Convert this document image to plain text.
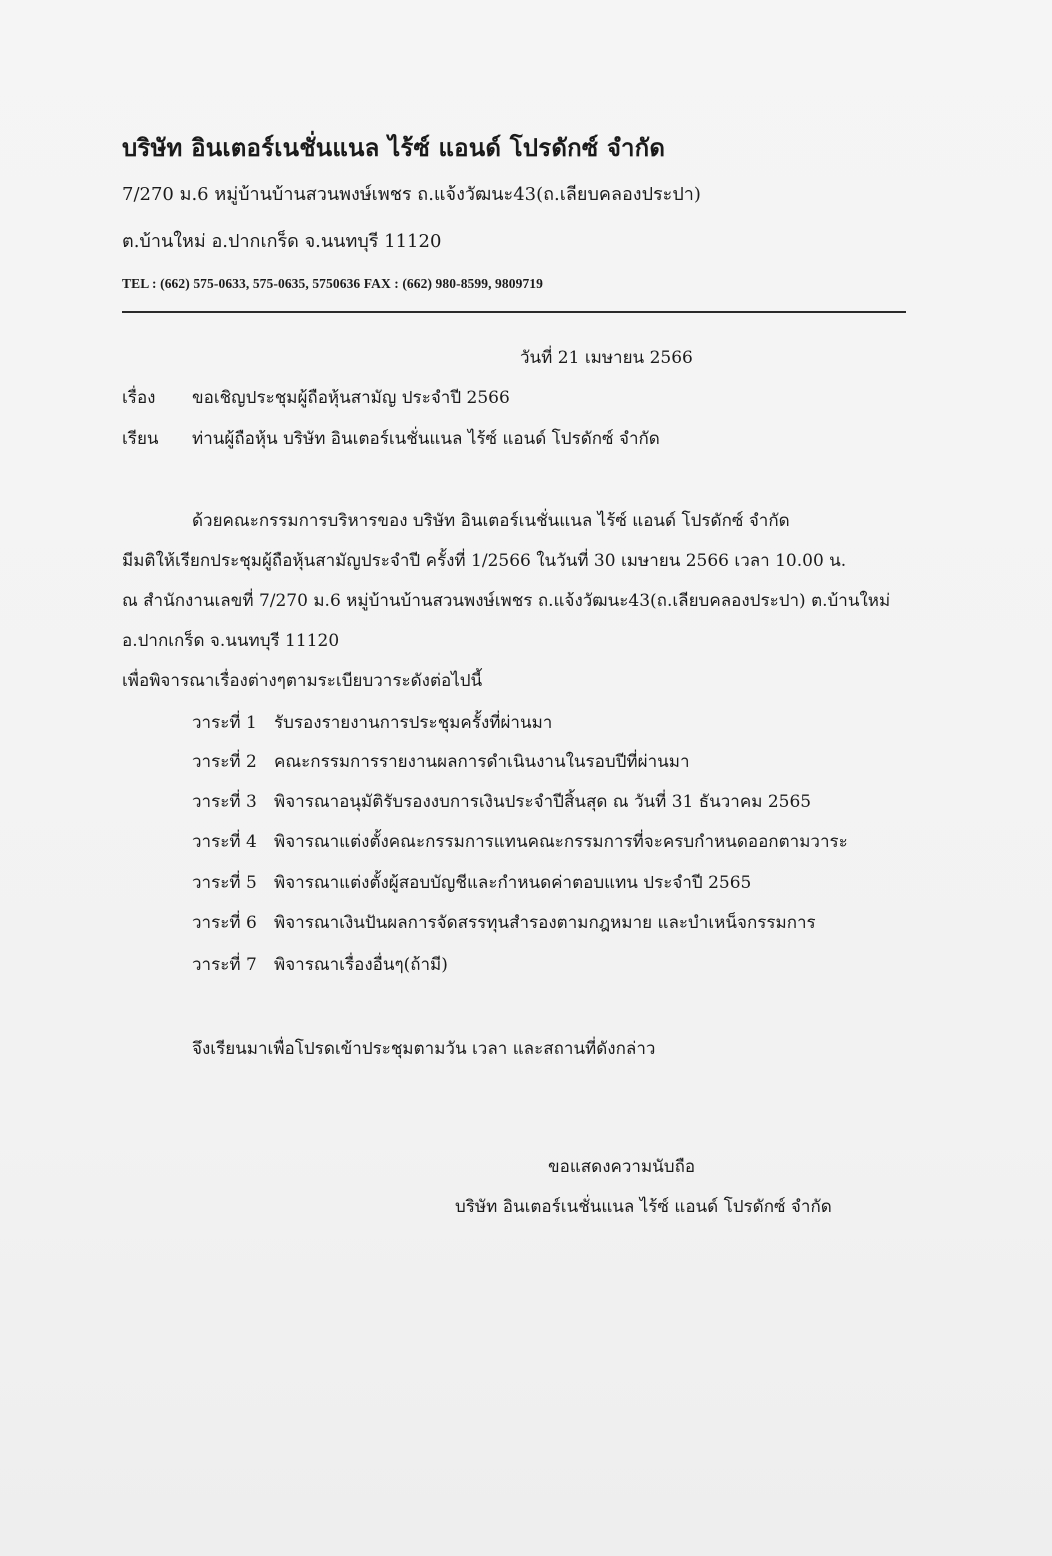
บริษัท อินเตอร์เนชั่นแนล ไร้ซ์ แอนด์ โปรดักซ์ จำกัด
7/270 ม.6 หมู่บ้านบ้านสวนพงษ์เพชร ถ.แจ้งวัฒนะ43(ถ.เลียบคลองประปา)
ต.บ้านใหม่ อ.ปากเกร็ด จ.นนทบุรี 11120
TEL : (662) 575-0633, 575-0635, 5750636 FAX : (662) 980-8599, 9809719
วันที่ 21 เมษายน 2566
เรื่อง ขอเชิญประชุมผู้ถือหุ้นสามัญ ประจำปี 2566
เรียน ท่านผู้ถือหุ้น บริษัท อินเตอร์เนชั่นแนล ไร้ซ์ แอนด์ โปรดักซ์ จำกัด
ด้วยคณะกรรมการบริหารของ บริษัท อินเตอร์เนชั่นแนล ไร้ซ์ แอนด์ โปรดักซ์ จำกัด
มีมติให้เรียกประชุมผู้ถือหุ้นสามัญประจำปี ครั้งที่ 1/2566 ในวันที่ 30 เมษายน 2566 เวลา 10.00 น.
ณ สำนักงานเลขที่ 7/270 ม.6 หมู่บ้านบ้านสวนพงษ์เพชร ถ.แจ้งวัฒนะ43(ถ.เลียบคลองประปา) ต.บ้านใหม่
อ.ปากเกร็ด จ.นนทบุรี 11120
เพื่อพิจารณาเรื่องต่างๆตามระเบียบวาระดังต่อไปนี้
วาระที่ 1 รับรองรายงานการประชุมครั้งที่ผ่านมา
วาระที่ 2 คณะกรรมการรายงานผลการดำเนินงานในรอบปีที่ผ่านมา
วาระที่ 3 พิจารณาอนุมัติรับรองงบการเงินประจำปีสิ้นสุด ณ วันที่ 31 ธันวาคม 2565
วาระที่ 4 พิจารณาแต่งตั้งคณะกรรมการแทนคณะกรรมการที่จะครบกำหนดออกตามวาระ
วาระที่ 5 พิจารณาแต่งตั้งผู้สอบบัญชีและกำหนดค่าตอบแทน ประจำปี 2565
วาระที่ 6 พิจารณาเงินปันผลการจัดสรรทุนสำรองตามกฎหมาย และบำเหน็จกรรมการ
วาระที่ 7 พิจารณาเรื่องอื่นๆ(ถ้ามี)
จึงเรียนมาเพื่อโปรดเข้าประชุมตามวัน เวลา และสถานที่ดังกล่าว
ขอแสดงความนับถือ
บริษัท อินเตอร์เนชั่นแนล ไร้ซ์ แอนด์ โปรดักซ์ จำกัด
